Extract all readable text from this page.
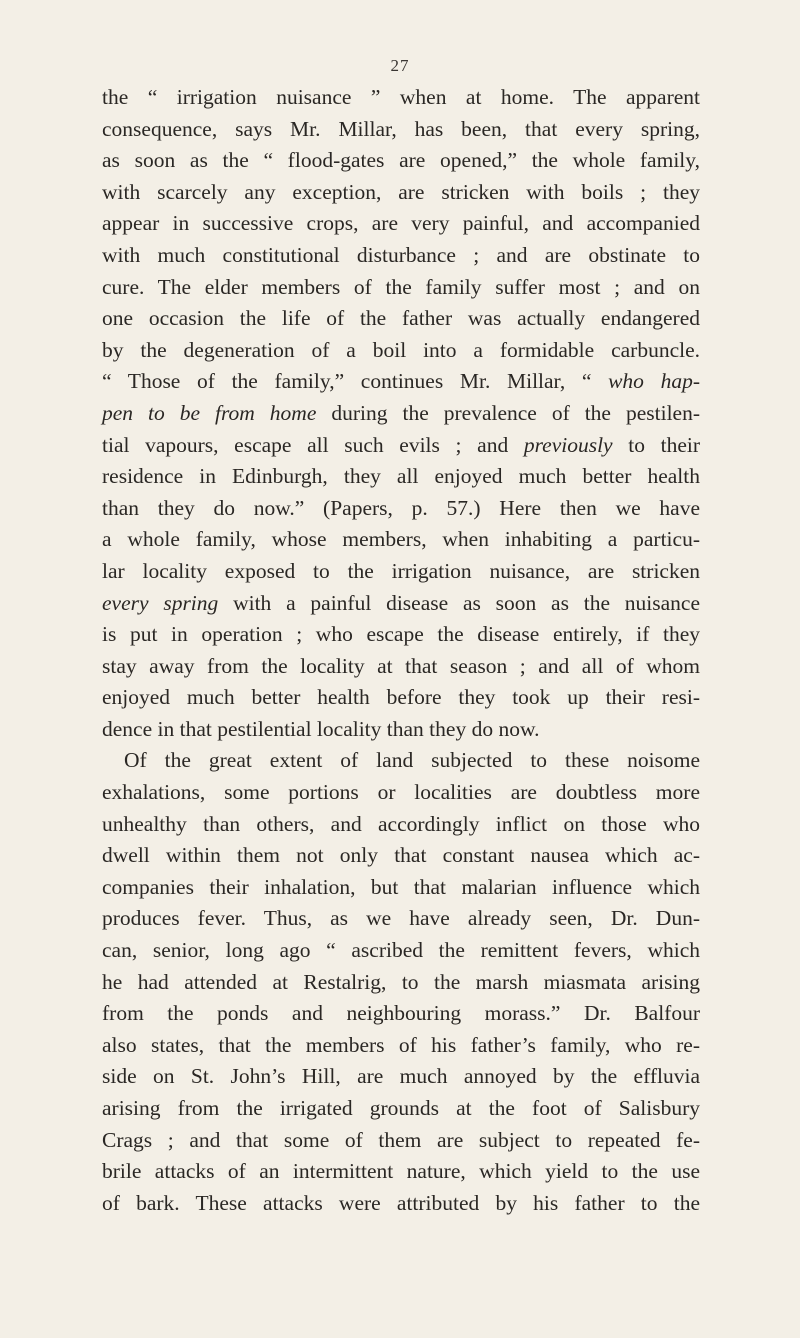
27
the “ irrigation nuisance ” when at home. The apparent
consequence, says Mr. Millar, has been, that every spring,
as soon as the “ flood-gates are opened,” the whole family,
with scarcely any exception, are stricken with boils ; they
appear in successive crops, are very painful, and accompanied
with much constitutional disturbance ; and are obstinate to
cure. The elder members of the family suffer most ; and on
one occasion the life of the father was actually endangered
by the degeneration of a boil into a formidable carbuncle.
“ Those of the family,” continues Mr. Millar, “ who hap-
pen to be from home during the prevalence of the pestilen-
tial vapours, escape all such evils ; and previously to their
residence in Edinburgh, they all enjoyed much better health
than they do now.” (Papers, p. 57.) Here then we have
a whole family, whose members, when inhabiting a particu-
lar locality exposed to the irrigation nuisance, are stricken
every spring with a painful disease as soon as the nuisance
is put in operation ; who escape the disease entirely, if they
stay away from the locality at that season ; and all of whom
enjoyed much better health before they took up their resi-
dence in that pestilential locality than they do now.
Of the great extent of land subjected to these noisome
exhalations, some portions or localities are doubtless more
unhealthy than others, and accordingly inflict on those who
dwell within them not only that constant nausea which ac-
companies their inhalation, but that malarian influence which
produces fever. Thus, as we have already seen, Dr. Dun-
can, senior, long ago “ ascribed the remittent fevers, which
he had attended at Restalrig, to the marsh miasmata arising
from the ponds and neighbouring morass.” Dr. Balfour
also states, that the members of his father’s family, who re-
side on St. John’s Hill, are much annoyed by the effluvia
arising from the irrigated grounds at the foot of Salisbury
Crags ; and that some of them are subject to repeated fe-
brile attacks of an intermittent nature, which yield to the use
of bark. These attacks were attributed by his father to the
